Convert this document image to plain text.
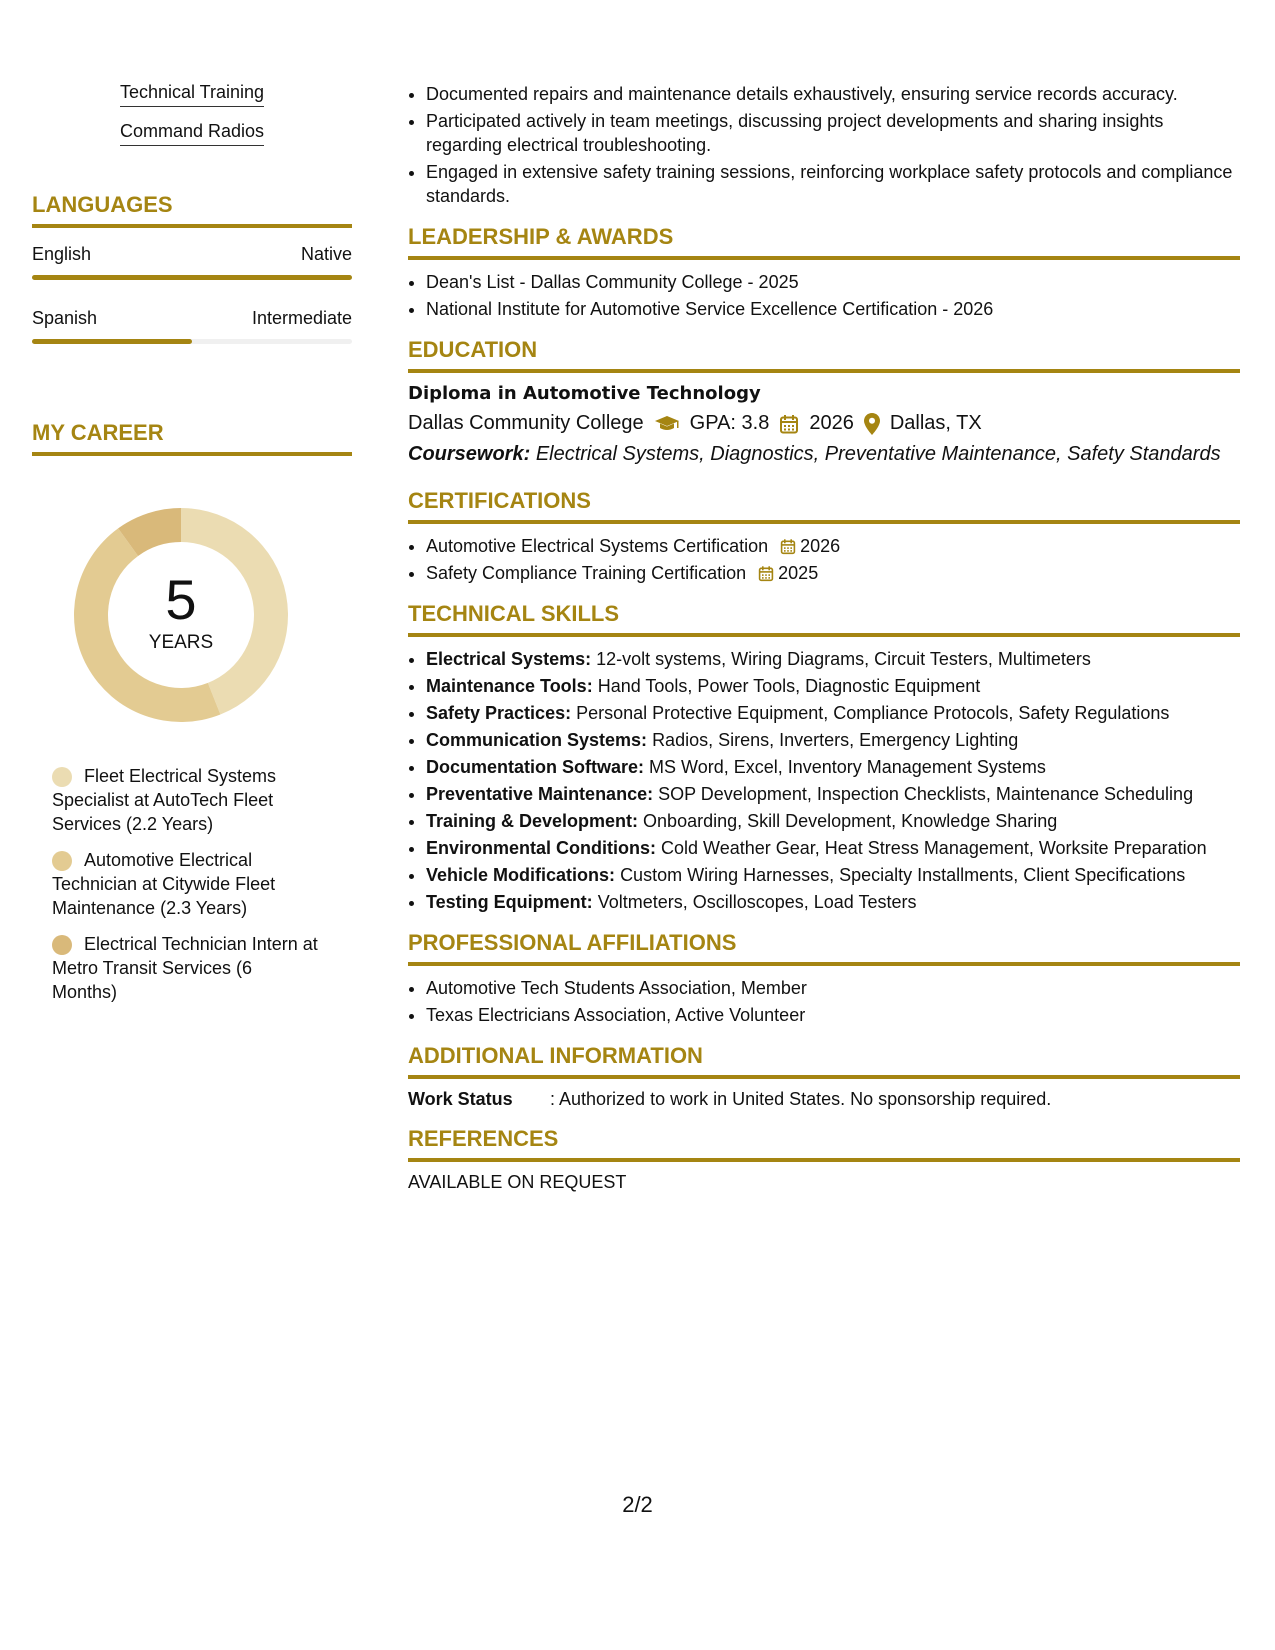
Technical Training
Command Radios
LANGUAGES
English	Native
Spanish	Intermediate
MY CAREER
5
YEARS
Fleet Electrical Systems Specialist at AutoTech Fleet Services (2.2 Years)
Automotive Electrical Technician at Citywide Fleet Maintenance (2.3 Years)
Electrical Technician Intern at Metro Transit Services (6 Months)
• Documented repairs and maintenance details exhaustively, ensuring service records accuracy.
• Participated actively in team meetings, discussing project developments and sharing insights regarding electrical troubleshooting.
• Engaged in extensive safety training sessions, reinforcing workplace safety protocols and compliance standards.
LEADERSHIP & AWARDS
• Dean's List - Dallas Community College - 2025
• National Institute for Automotive Service Excellence Certification - 2026
EDUCATION
Diploma in Automotive Technology
Dallas Community College GPA: 3.8 2026 Dallas, TX
Coursework: Electrical Systems, Diagnostics, Preventative Maintenance, Safety Standards
CERTIFICATIONS
• Automotive Electrical Systems Certification 2026
• Safety Compliance Training Certification 2025
TECHNICAL SKILLS
• Electrical Systems: 12-volt systems, Wiring Diagrams, Circuit Testers, Multimeters
• Maintenance Tools: Hand Tools, Power Tools, Diagnostic Equipment
• Safety Practices: Personal Protective Equipment, Compliance Protocols, Safety Regulations
• Communication Systems: Radios, Sirens, Inverters, Emergency Lighting
• Documentation Software: MS Word, Excel, Inventory Management Systems
• Preventative Maintenance: SOP Development, Inspection Checklists, Maintenance Scheduling
• Training & Development: Onboarding, Skill Development, Knowledge Sharing
• Environmental Conditions: Cold Weather Gear, Heat Stress Management, Worksite Preparation
• Vehicle Modifications: Custom Wiring Harnesses, Specialty Installments, Client Specifications
• Testing Equipment: Voltmeters, Oscilloscopes, Load Testers
PROFESSIONAL AFFILIATIONS
• Automotive Tech Students Association, Member
• Texas Electricians Association, Active Volunteer
ADDITIONAL INFORMATION
Work Status	: Authorized to work in United States. No sponsorship required.
REFERENCES
AVAILABLE ON REQUEST
2/2
